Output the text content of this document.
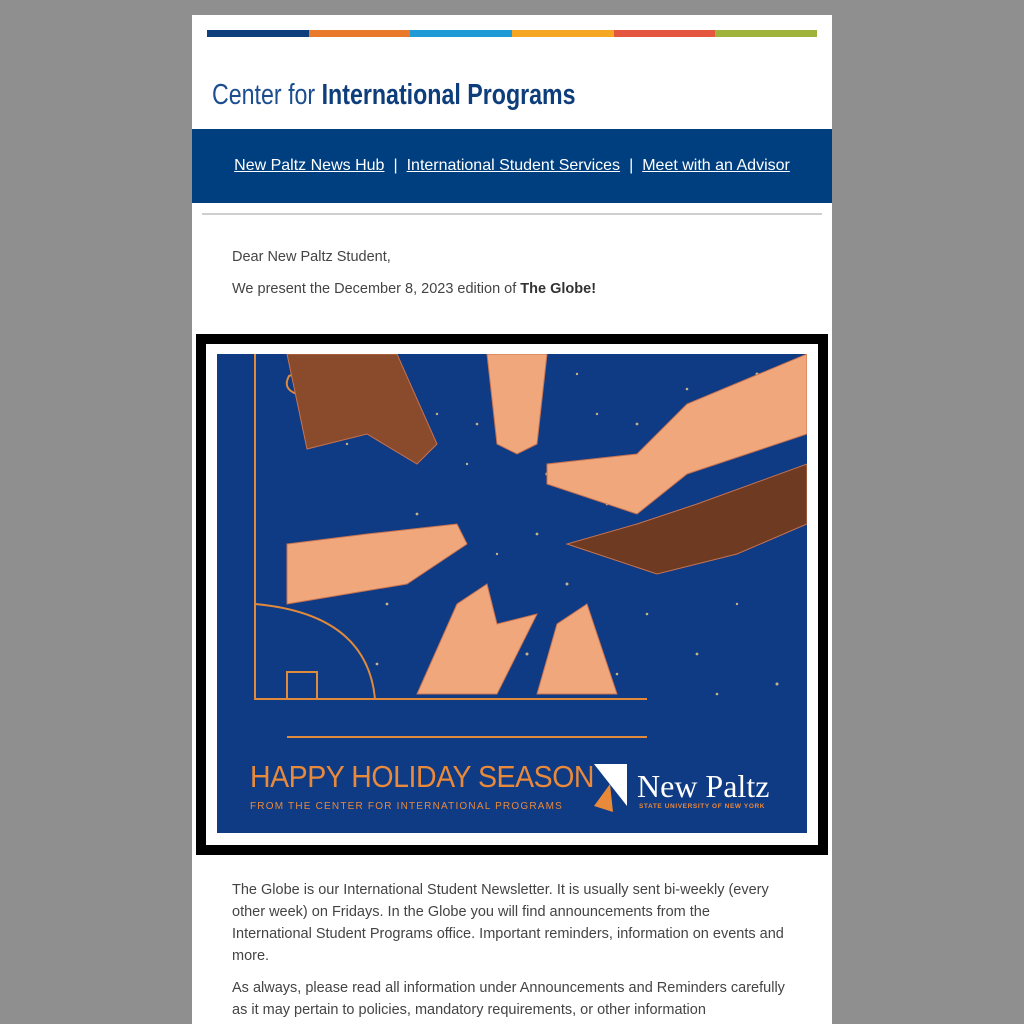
Center for International Programs
New Paltz News Hub | International Student Services | Meet with an Advisor
Dear New Paltz Student,
We present the December 8, 2023 edition of The Globe!
HAPPY HOLIDAY SEASON
FROM THE CENTER FOR INTERNATIONAL PROGRAMS
New Paltz
STATE UNIVERSITY OF NEW YORK
The Globe is our International Student Newsletter. It is usually sent bi-weekly (every other week) on Fridays. In the Globe you will find announcements from the International Student Programs office. Important reminders, information on events and more.
As always, please read all information under Announcements and Reminders carefully as it may pertain to policies, mandatory requirements, or other information
